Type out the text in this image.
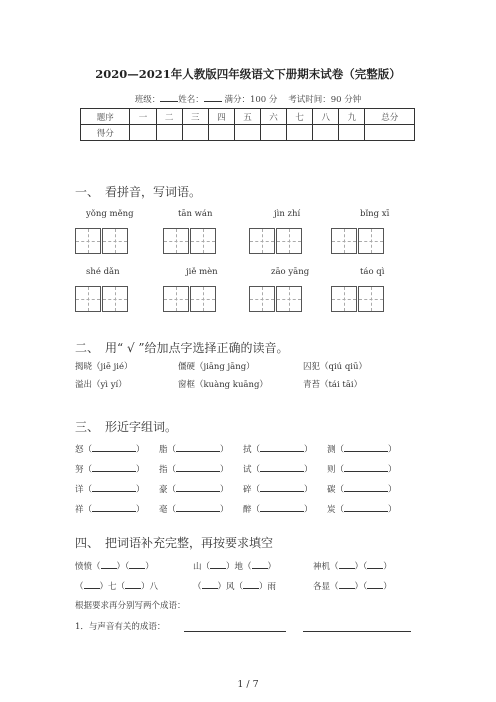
2020—2021年人教版四年级语文下册期末试卷（完整版）
班级： 姓名： 满分：100 分 考试时间：90 分钟
题序	一	二	三	四	五	六	七	八	九	总分
得分										
一、　看拼音，写词语。
yǒng měng	tān wán	jìn zhí	bǐng xī
shé dǎn	jiě mèn	zāo yāng	táo qì
二、　用“ √ ”给加点字选择正确的读音。
揭晓（jiē jié）	僵硬（jiāng jāng）	囚犯（qiú qiū）
溢出（yì yí）	窗框（kuàng kuāng）	青苔（tái tāi）
三、　形近字组词。
怒（	） 脂（	） 拭（	） 测（	）
努（	） 指（	） 试（	） 则（	）
详（	） 豪（	） 碎（	） 碳（	）
祥（	） 毫（	） 醉（	） 炭（	）
四、　把词语补充完整，再按要求填空
愤愤（ ）（ ）	山（ ）地（ ）	神机（ ）（ ）
（ ）七（ ）八	（ ）风（ ）雨	各显（ ）（ ）
根据要求再分别写两个成语：
1．与声音有关的成语：
1 / 7
